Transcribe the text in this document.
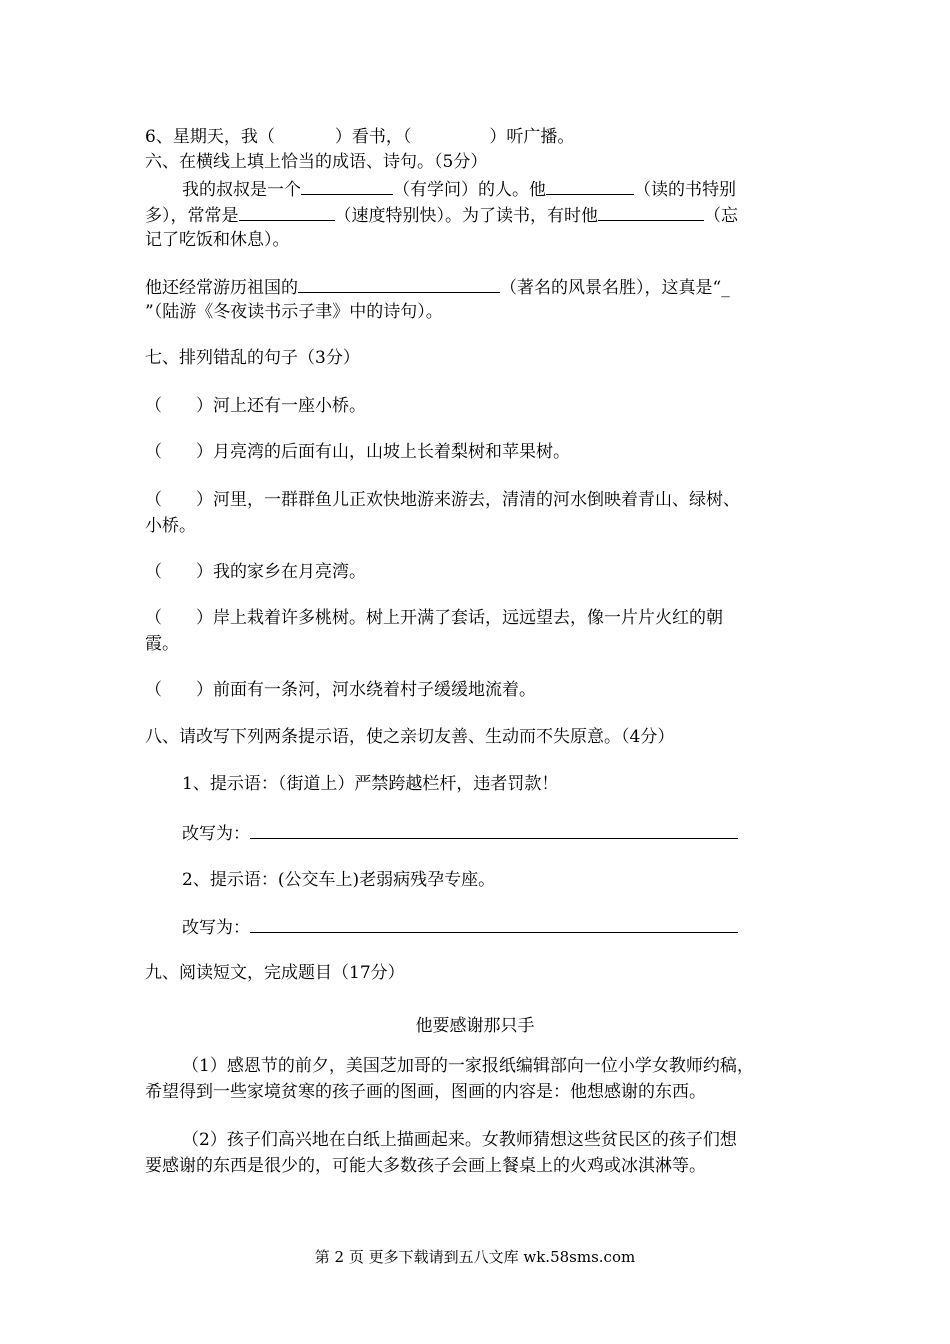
6、星期天，我（	）看书，（	）听广播。
六、在横线上填上恰当的成语、诗句。（5分）
我的叔叔是一个	（有学问）的人。他	（读的书特别
多），常常是	（速度特别快）。为了读书，有时他	（忘
记了吃饭和休息）。
他还经常游历祖国的	（著名的风景名胜），这真是“_
”（陆游《冬夜读书示子聿》中的诗句）。
七、排列错乱的句子（3分）
（　　）河上还有一座小桥。
（　　）月亮湾的后面有山，山坡上长着梨树和苹果树。
（　　）河里，一群群鱼儿正欢快地游来游去，清清的河水倒映着青山、绿树、
小桥。
（　　）我的家乡在月亮湾。
（　　）岸上栽着许多桃树。树上开满了套话，远远望去，像一片片火红的朝
霞。
（　　）前面有一条河，河水绕着村子缓缓地流着。
八、请改写下列两条提示语，使之亲切友善、生动而不失原意。（4分）
1、提示语：（街道上）严禁跨越栏杆，违者罚款！
改写为：
2、提示语：(公交车上)老弱病残孕专座。
改写为：
九、阅读短文，完成题目（17分）
他要感谢那只手
（1）感恩节的前夕，美国芝加哥的一家报纸编辑部向一位小学女教师约稿，
希望得到一些家境贫寒的孩子画的图画，图画的内容是：他想感谢的东西。
（2）孩子们高兴地在白纸上描画起来。女教师猜想这些贫民区的孩子们想
要感谢的东西是很少的，可能大多数孩子会画上餐桌上的火鸡或冰淇淋等。
第 2 页 更多下载请到五八文库 wk.58sms.com
